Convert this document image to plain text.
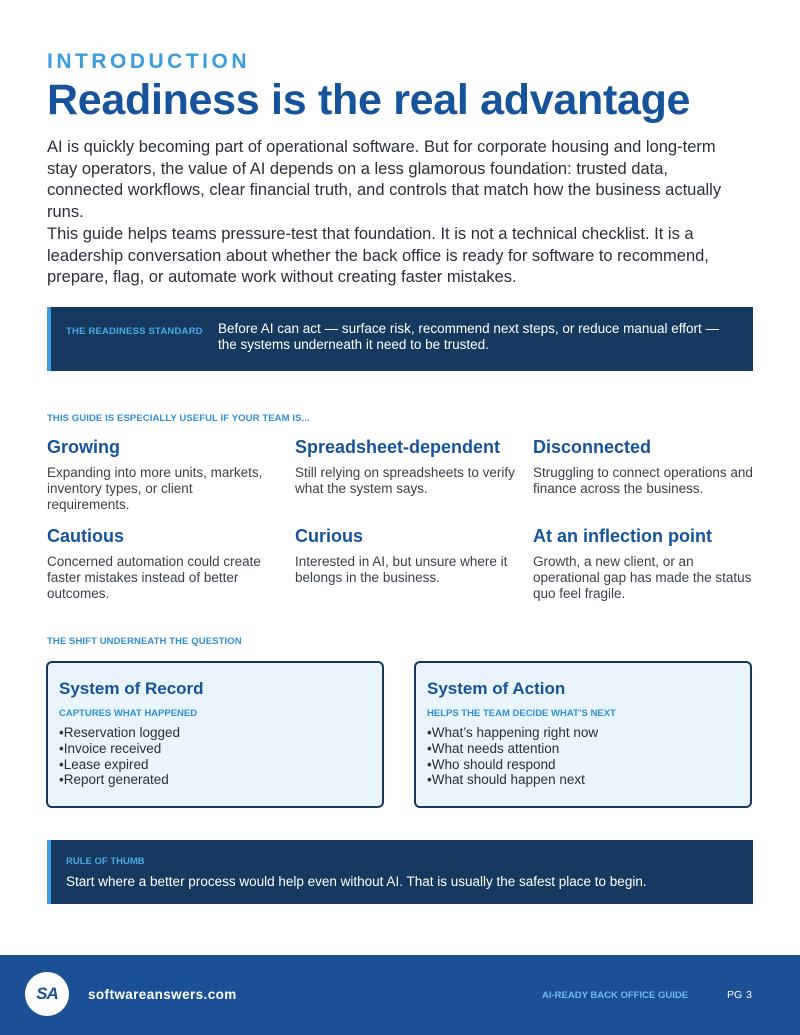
INTRODUCTION
Readiness is the real advantage

AI is quickly becoming part of operational software. But for corporate housing and long-term stay operators, the value of AI depends on a less glamorous foundation: trusted data, connected workflows, clear financial truth, and controls that match how the business actually runs.

This guide helps teams pressure-test that foundation. It is not a technical checklist. It is a leadership conversation about whether the back office is ready for software to recommend, prepare, flag, or automate work without creating faster mistakes.

THE READINESS STANDARD Before AI can act — surface risk, recommend next steps, or reduce manual effort — the systems underneath it need to be trusted.
THIS GUIDE IS ESPECIALLY USEFUL IF YOUR TEAM IS...
Growing
Expanding into more units, markets, inventory types, or client requirements.
Spreadsheet-dependent
Still relying on spreadsheets to verify what the system says.
Disconnected
Struggling to connect operations and finance across the business.
Cautious
Concerned automation could create faster mistakes instead of better outcomes.
Curious
Interested in AI, but unsure where it belongs in the business.
At an inflection point
Growth, a new client, or an operational gap has made the status quo feel fragile.
THE SHIFT UNDERNEATH THE QUESTION
System of Record
CAPTURES WHAT HAPPENED
• Reservation logged
• Invoice received
• Lease expired
• Report generated
System of Action
HELPS THE TEAM DECIDE WHAT’S NEXT
• What’s happening right now
• What needs attention
• Who should respond
• What should happen next
RULE OF THUMB
Start where a better process would help even without AI. That is usually the safest place to begin.
SA	softwareanswers.com	AI-READY BACK OFFICE GUIDE	PG 3
